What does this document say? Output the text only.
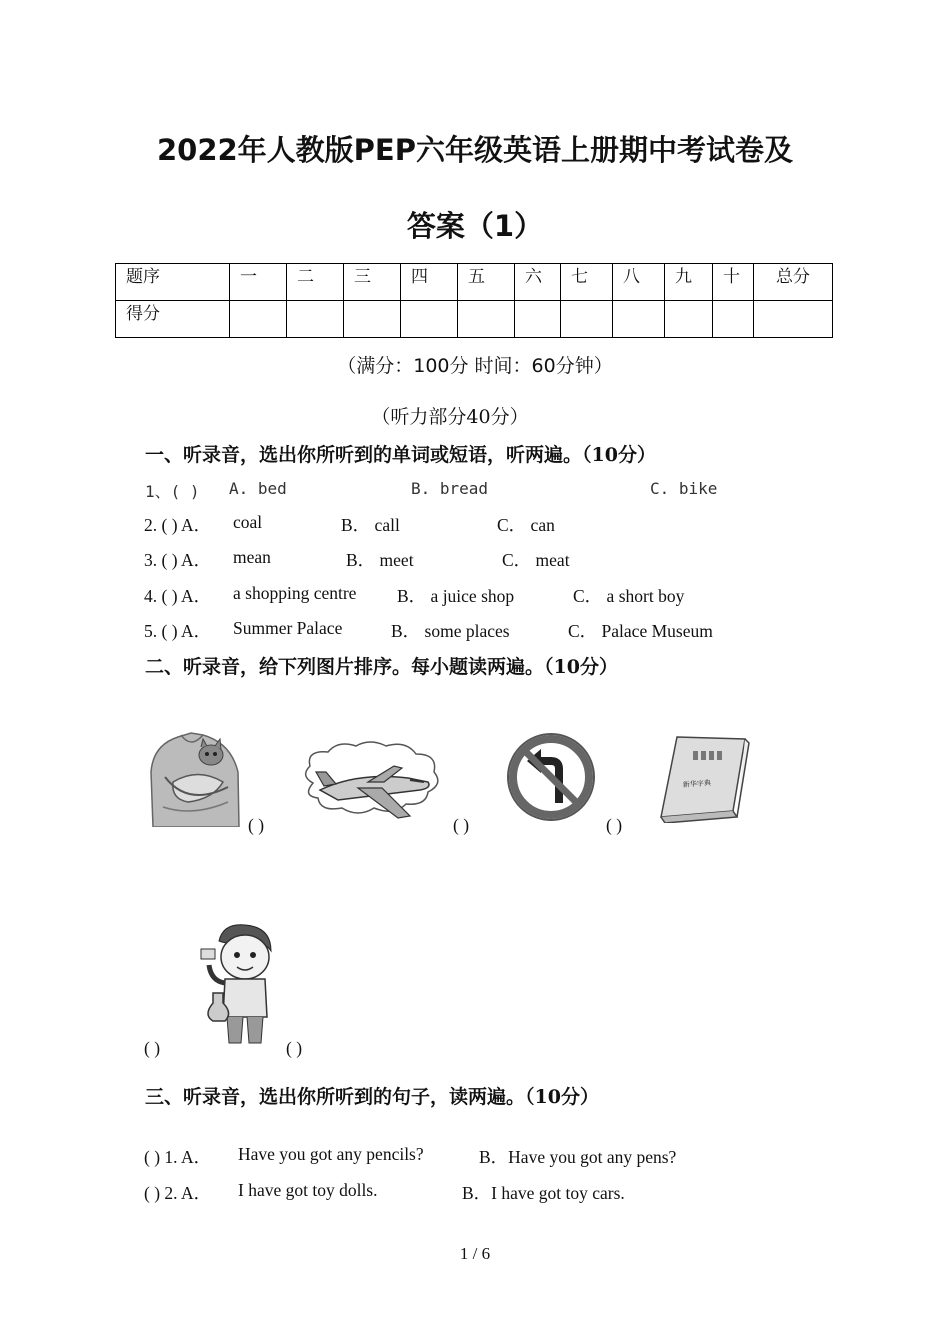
2022年人教版PEP六年级英语上册期中考试卷及
答案（1）
题序	一	二	三	四	五	六	七	八	九	十	总分
得分											
（满分：100分 时间：60分钟）
（听力部分40分）
一、听录音，选出你所听到的单词或短语，听两遍。（10分）
1、( ) A. bed	B. bread	C. bike
2. ( ) A． coal	B． call	C． can
3. ( ) A． mean	B． meet	C． meat
4. ( ) A． a shopping centre B． a juice shop	C． a short boy
5. ( ) A． Summer Palace	B． some places	C． Palace Museum
二、听录音，给下列图片排序。每小题读两遍。（10分）
新华字典
( )	( )	( )
( )	( )
三、听录音，选出你所听到的句子，读两遍。（10分）
( ) 1. A． Have you got any pencils?	B．Have you got any pens?
( ) 2. A． I have got toy dolls.	B．I have got toy cars.
1 / 6
